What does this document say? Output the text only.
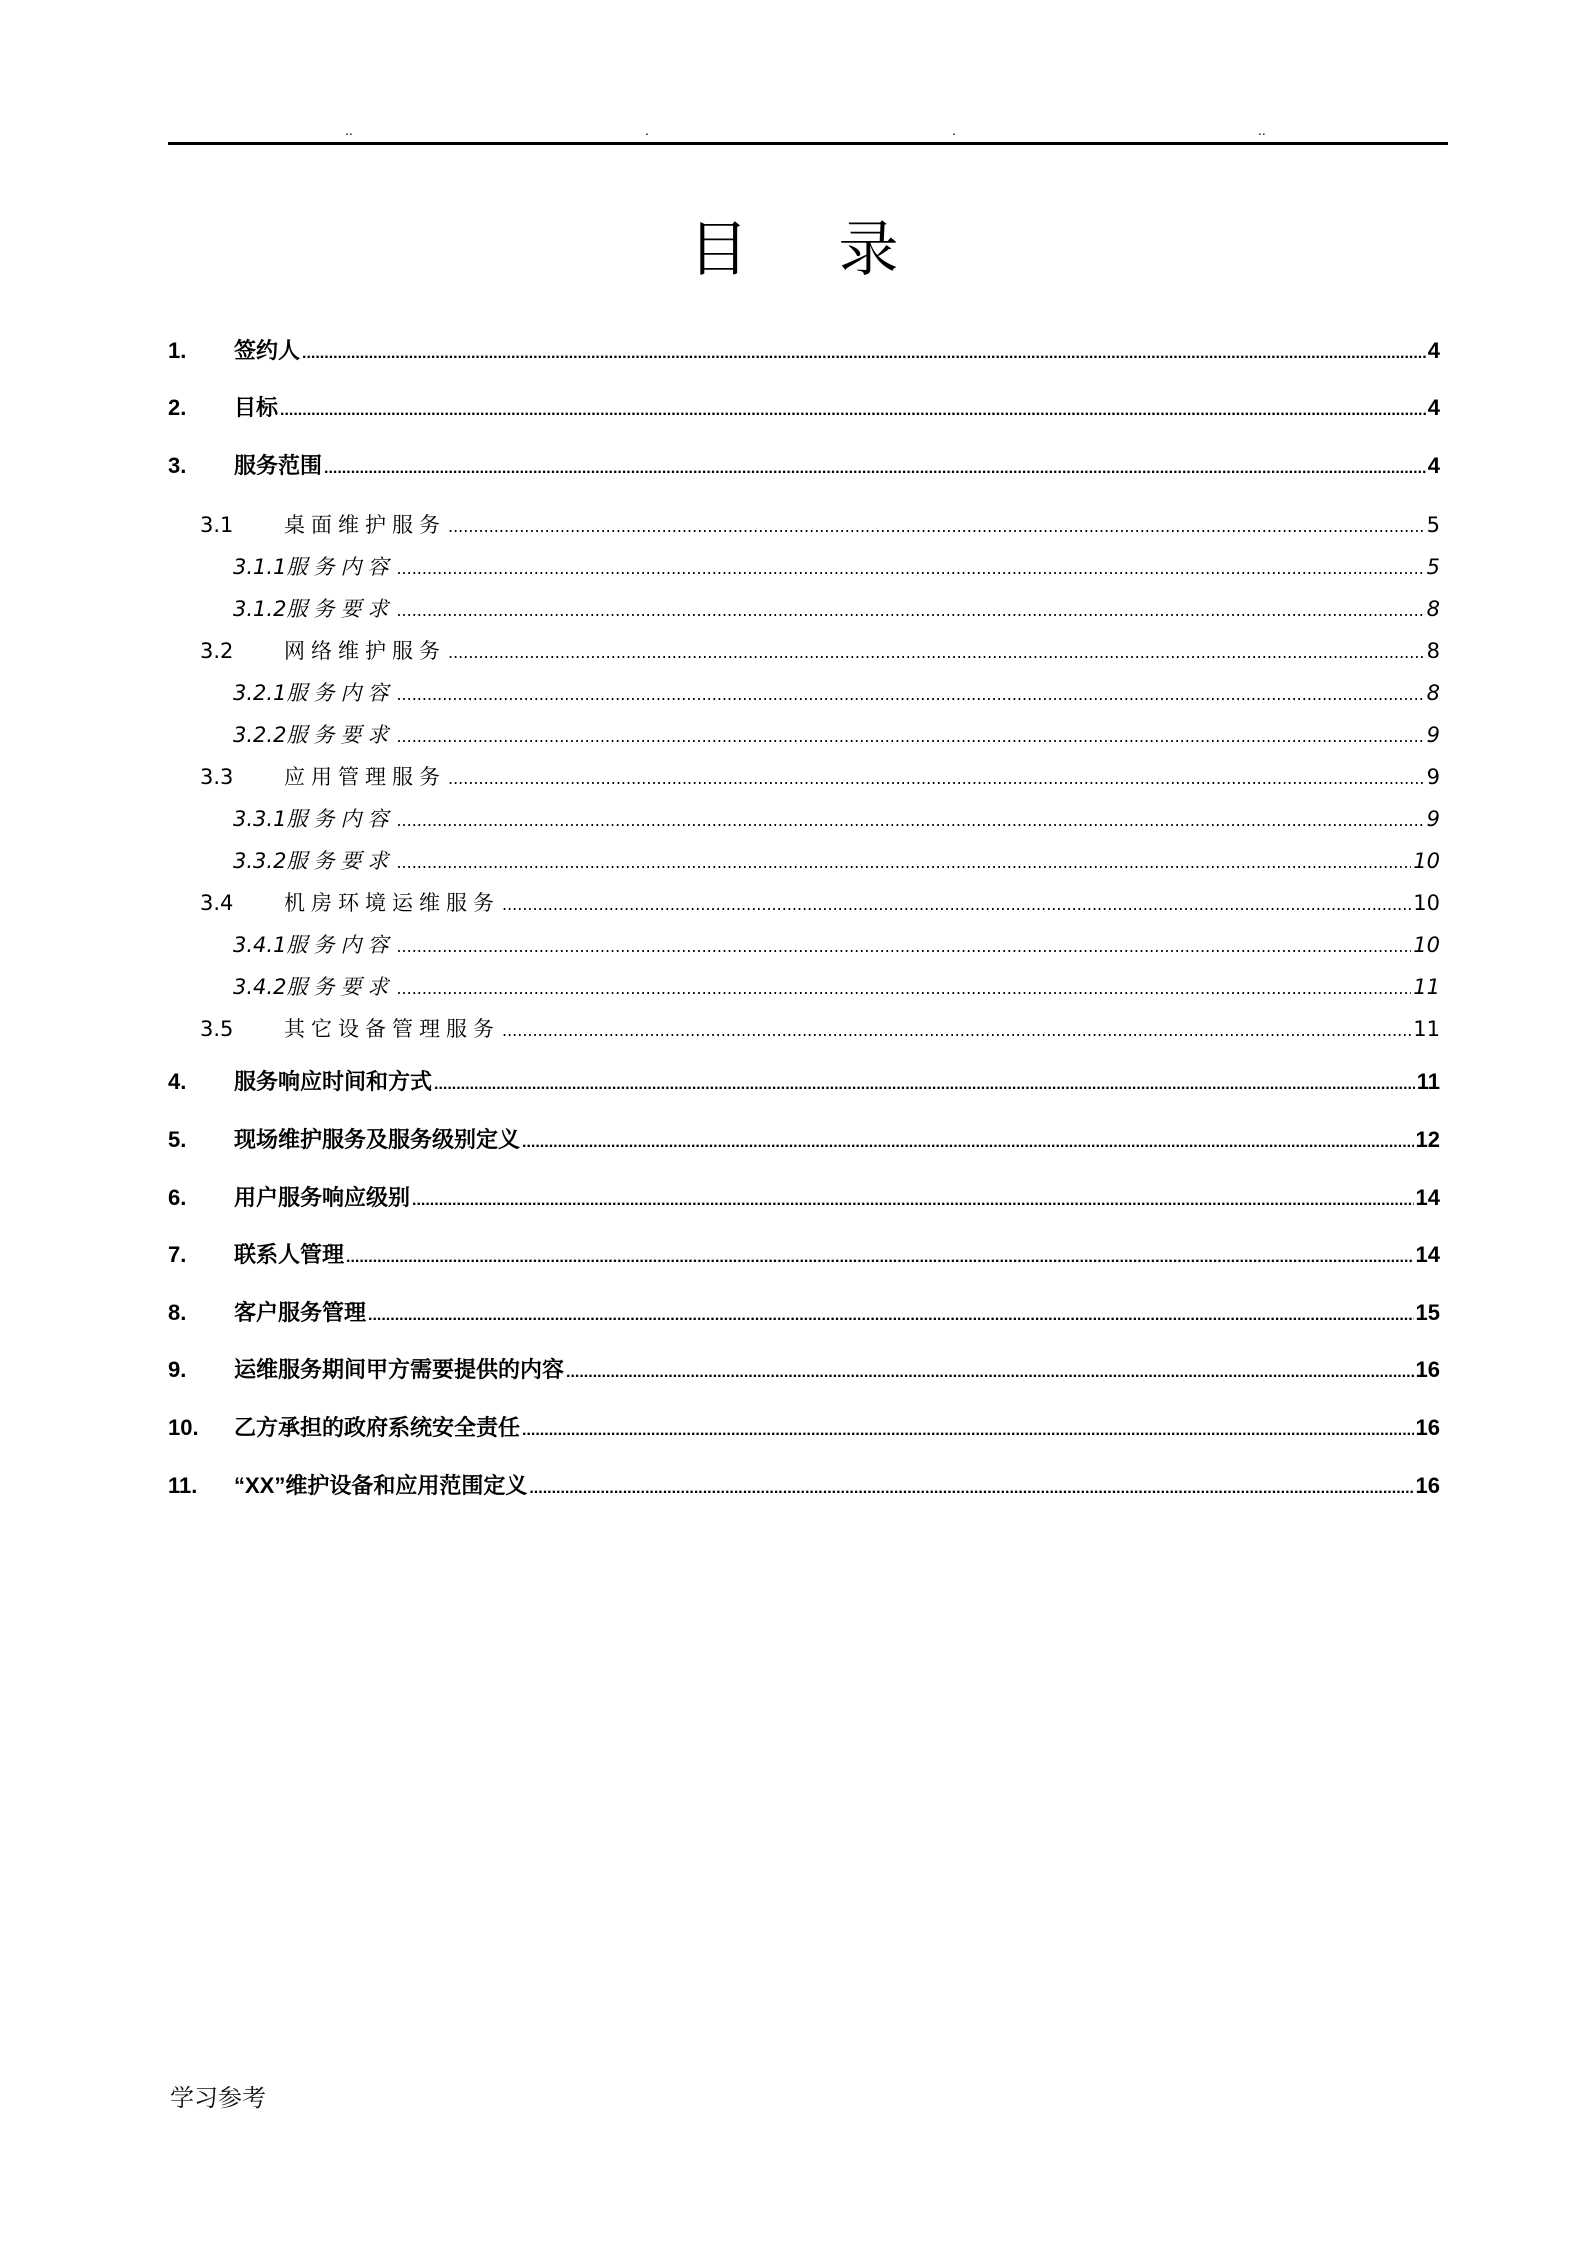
..	.	.	..
目录
1.	签约人 .....	4
2.	目标 .....	4
3.	服务范围 .....	4
3.1	桌面维护服务 .....	5
3.1.1 服务内容 .....	5
3.1.2 服务要求 .....	8
3.2	网络维护服务 .....	8
3.2.1 服务内容 .....	8
3.2.2 服务要求 .....	9
3.3	应用管理服务 .....	9
3.3.1 服务内容 .....	9
3.3.2 服务要求 .....	10
3.4	机房环境运维服务 .....	10
3.4.1 服务内容 .....	10
3.4.2 服务要求 .....	11
3.5	其它设备管理服务 .....	11
4.	服务响应时间和方式 .....	11
5.	现场维护服务及服务级别定义 .....	12
6.	用户服务响应级别 .....	14
7.	联系人管理 .....	14
8.	客户服务管理 .....	15
9.	运维服务期间甲方需要提供的内容 .....	16
10.	乙方承担的政府系统安全责任 .....	16
11.	“XX”维护设备和应用范围定义 .....	16
学习参考
